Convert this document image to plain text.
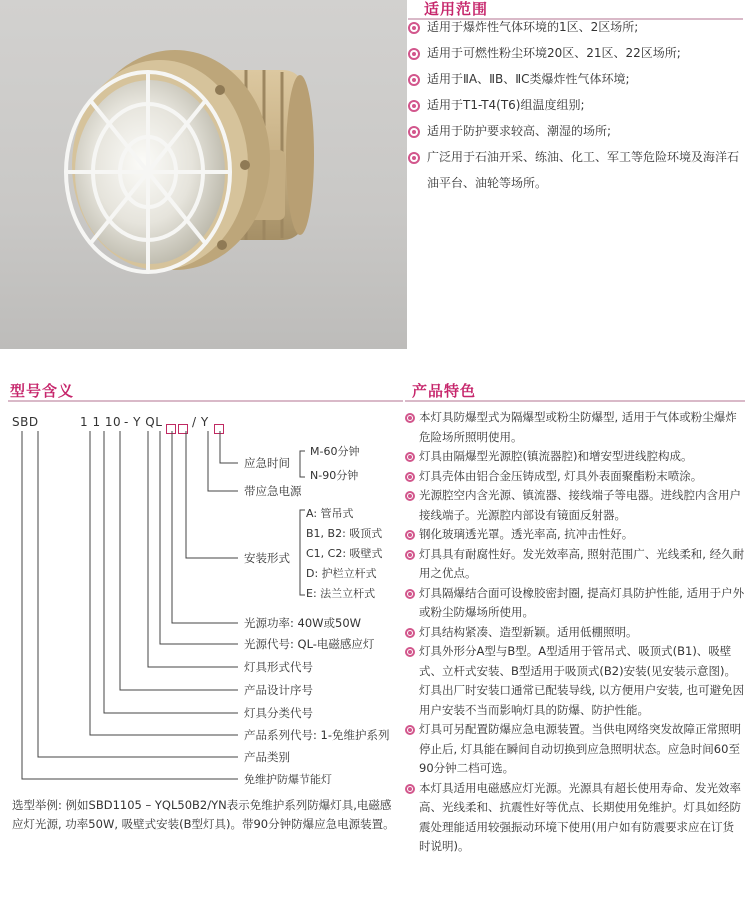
适用范围
适用于爆炸性气体环境的1区、2区场所;
适用于可燃性粉尘环境20区、21区、22区场所;
适用于ⅡA、ⅡB、ⅡC类爆炸性气体环境;
适用于T1-T4(T6)组温度组别;
适用于防护要求较高、潮湿的场所;
广泛用于石油开采、练油、化工、军工等危险环境及海洋石油平台、油轮等场所。
型号含义
SBD	1 1 10 - Y QL / Y
应急时间
M-60分钟
N-90分钟
带应急电源
安装形式
A: 管吊式
B1, B2: 吸顶式
C1, C2: 吸壁式
D: 护栏立杆式
E: 法兰立杆式
光源功率: 40W或50W
光源代号: QL-电磁感应灯
灯具形式代号
产品设计序号
灯具分类代号
产品系列代号: 1-免维护系列
产品类别
免维护防爆节能灯
选型举例: 例如SBD1105 – YQL50B2/YN表示免维护系列防爆灯具,电磁感应灯光源, 功率50W, 吸壁式安装(B型灯具)。带90分钟防爆应急电源装置。
产品特色
本灯具防爆型式为隔爆型或粉尘防爆型, 适用于气体或粉尘爆炸危险场所照明使用。
灯具由隔爆型光源腔(镇流器腔)和增安型进线腔构成。
灯具壳体由铝合金压铸成型, 灯具外表面聚酯粉末喷涂。
光源腔空内含光源、镇流器、接线端子等电器。进线腔内含用户接线端子。光源腔内部设有镜面反射器。
钢化玻璃透光罩。透光率高, 抗冲击性好。
灯具具有耐腐性好。发光效率高, 照射范围广、光线柔和, 经久耐用之优点。
灯具隔爆结合面可设橡胶密封圈, 提高灯具防护性能, 适用于户外或粉尘防爆场所使用。
灯具结构紧凑、造型新颖。适用低棚照明。
灯具外形分A型与B型。A型适用于管吊式、吸顶式(B1)、吸壁式、立杆式安装、B型适用于吸顶式(B2)安装(见安装示意图)。灯具出厂时安装口通常已配装导线, 以方便用户安装, 也可避免因用户安装不当而影响灯具的防爆、防护性能。
灯具可另配置防爆应急电源装置。当供电网络突发故障正常照明停止后, 灯具能在瞬间自动切换到应急照明状态。应急时间60至90分钟二档可选。
本灯具适用电磁感应灯光源。光源具有超长使用寿命、发光效率高、光线柔和、抗震性好等优点、长期使用免维护。灯具如经防震处理能适用较强振动环境下使用(用户如有防震要求应在订货时说明)。
